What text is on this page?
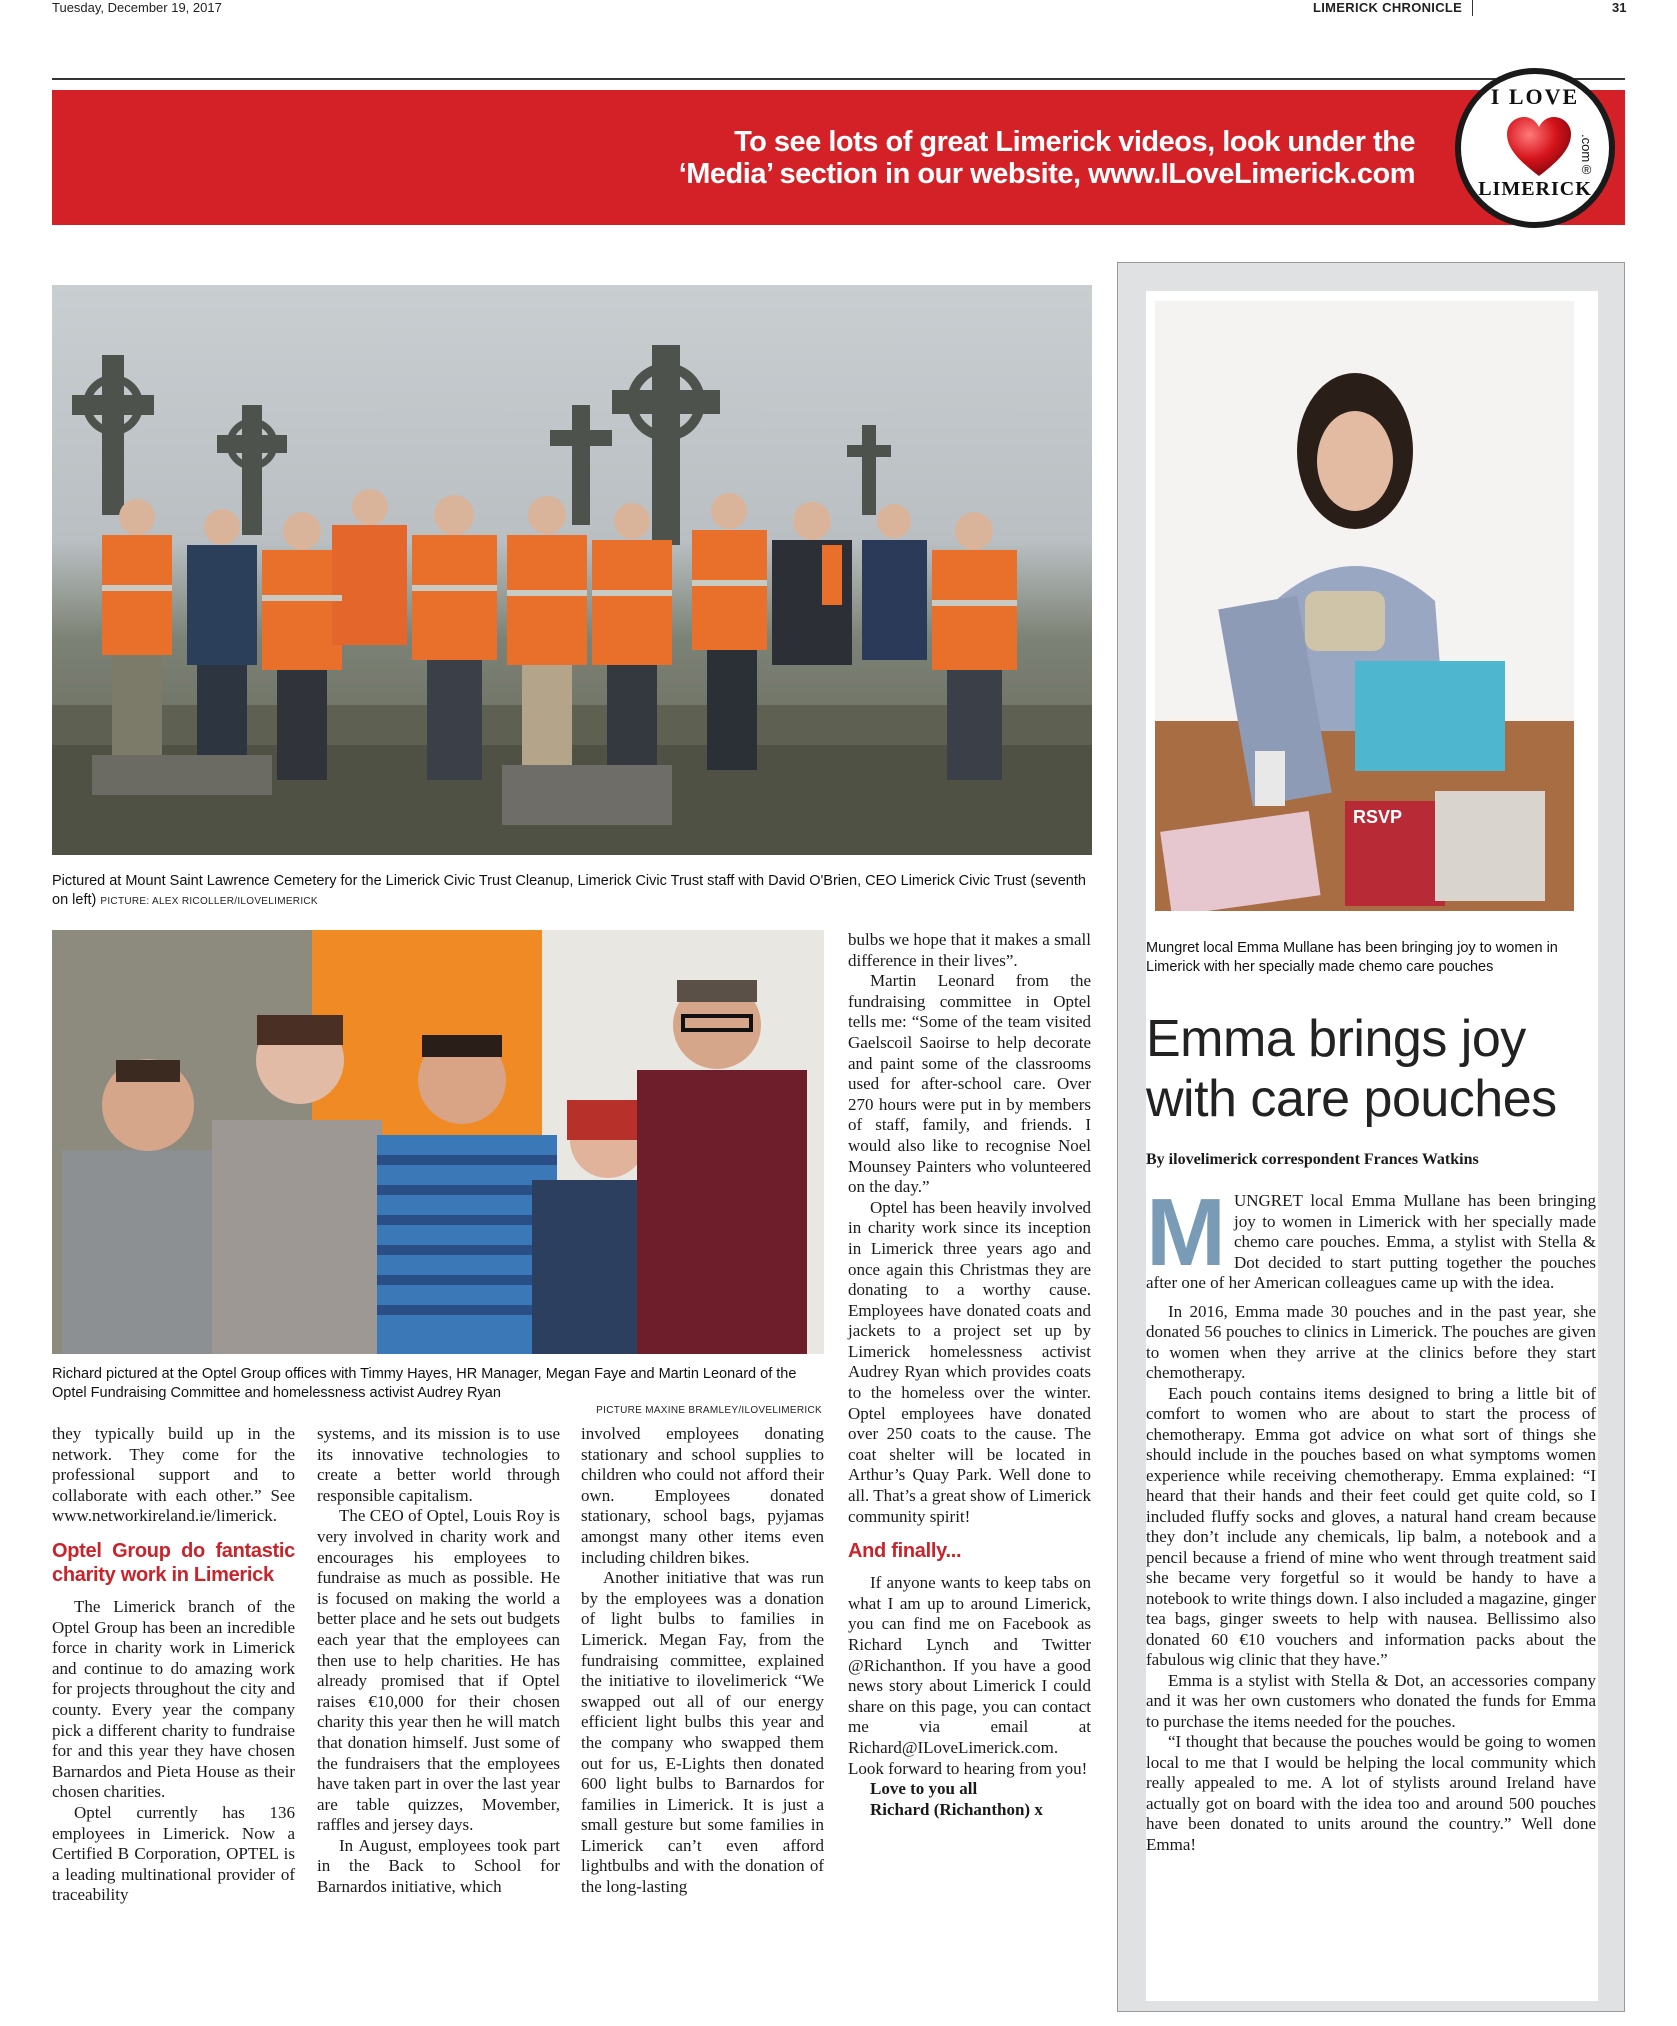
Tuesday, December 19, 2017	LIMERICK CHRONICLE	31
To see lots of great Limerick videos, look under the
‘Media’ section in our website, www.ILoveLimerick.com
I LOVE
LIMERICK
.com®
Pictured at Mount Saint Lawrence Cemetery for the Limerick Civic Trust Cleanup, Limerick Civic Trust staff with David O'Brien, CEO Limerick Civic Trust (seventh on left) PICTURE: ALEX RICOLLER/ILOVELIMERICK
Richard pictured at the Optel Group offices with Timmy Hayes, HR Manager, Megan Faye and Martin Leonard of the Optel Fundraising Committee and homelessness activist Audrey Ryan
PICTURE MAXINE BRAMLEY/ILOVELIMERICK

they typically build up in the network. They come for the professional support and to collaborate with each other.” See www.networkireland.ie/limerick.

Optel Group do fantastic charity work in Limerick

The Limerick branch of the Optel Group has been an incredible force in charity work in Limerick and continue to do amazing work for projects throughout the city and county. Every year the company pick a different charity to fundraise for and this year they have chosen Barnardos and Pieta House as their chosen charities.

Optel currently has 136 employees in Limerick. Now a Certified B Corporation, OPTEL is a leading multinational provider of traceability

systems, and its mission is to use its innovative technologies to create a better world through responsible capitalism.

The CEO of Optel, Louis Roy is very involved in charity work and encourages his employees to fundraise as much as possible. He is focused on making the world a better place and he sets out budgets each year that the employees can then use to help charities. He has already promised that if Optel raises €10,000 for their chosen charity this year then he will match that donation himself. Just some of the fundraisers that the employees have taken part in over the last year are table quizzes, Movember, raffles and jersey days.

In August, employees took part in the Back to School for Barnardos initiative, which

involved employees donating stationary and school supplies to children who could not afford their own. Employees donated stationary, school bags, pyjamas amongst many other items even including children bikes.

Another initiative that was run by the employees was a donation of light bulbs to families in Limerick. Megan Fay, from the fundraising committee, explained the initiative to ilovelimerick “We swapped out all of our energy efficient light bulbs this year and the company who swapped them out for us, E-Lights then donated 600 light bulbs to Barnardos for families in Limerick. It is just a small gesture but some families in Limerick can’t even afford lightbulbs and with the donation of the long-lasting

bulbs we hope that it makes a small difference in their lives”.

Martin Leonard from the fundraising committee in Optel tells me: “Some of the team visited Gaelscoil Saoirse to help decorate and paint some of the classrooms used for after-school care. Over 270 hours were put in by members of staff, family, and friends. I would also like to recognise Noel Mounsey Painters who volunteered on the day.”

Optel has been heavily involved in charity work since its inception in Limerick three years ago and once again this Christmas they are donating to a worthy cause. Employees have donated coats and jackets to a project set up by Limerick homelessness activist Audrey Ryan which provides coats to the homeless over the winter. Optel employees have donated over 250 coats to the cause. The coat shelter will be located in Arthur’s Quay Park. Well done to all. That’s a great show of Limerick community spirit!

And finally...

If anyone wants to keep tabs on what I am up to around Limerick, you can find me on Facebook as Richard Lynch and Twitter @Richanthon. If you have a good news story about Limerick I could share on this page, you can contact me via email at Richard@ILoveLimerick.com. Look forward to hearing from you!

Love to you all

Richard (Richanthon) x

RSVP
Mungret local Emma Mullane has been bringing joy to women in Limerick with her specially made chemo care pouches
Emma brings joy with care pouches
By ilovelimerick correspondent Frances Watkins

MUNGRET local Emma Mullane has been bringing joy to women in Limerick with her specially made chemo care pouches. Emma, a stylist with Stella & Dot decided to start putting together the pouches after one of her American colleagues came up with the idea.

In 2016, Emma made 30 pouches and in the past year, she donated 56 pouches to clinics in Limerick. The pouches are given to women when they arrive at the clinics before they start chemotherapy.

Each pouch contains items designed to bring a little bit of comfort to women who are about to start the process of chemotherapy. Emma got advice on what sort of things she should include in the pouches based on what symptoms women experience while receiving chemotherapy. Emma explained: “I heard that their hands and their feet could get quite cold, so I included fluffy socks and gloves, a natural hand cream because they don’t include any chemicals, lip balm, a notebook and a pencil because a friend of mine who went through treatment said she became very forgetful so it would be handy to have a notebook to write things down. I also included a magazine, ginger tea bags, ginger sweets to help with nausea. Bellissimo also donated 60 €10 vouchers and information packs about the fabulous wig clinic that they have.”

Emma is a stylist with Stella & Dot, an accessories company and it was her own customers who donated the funds for Emma to purchase the items needed for the pouches.

“I thought that because the pouches would be going to women local to me that I would be helping the local community which really appealed to me. A lot of stylists around Ireland have actually got on board with the idea too and around 500 pouches have been donated to units around the country.” Well done Emma!
